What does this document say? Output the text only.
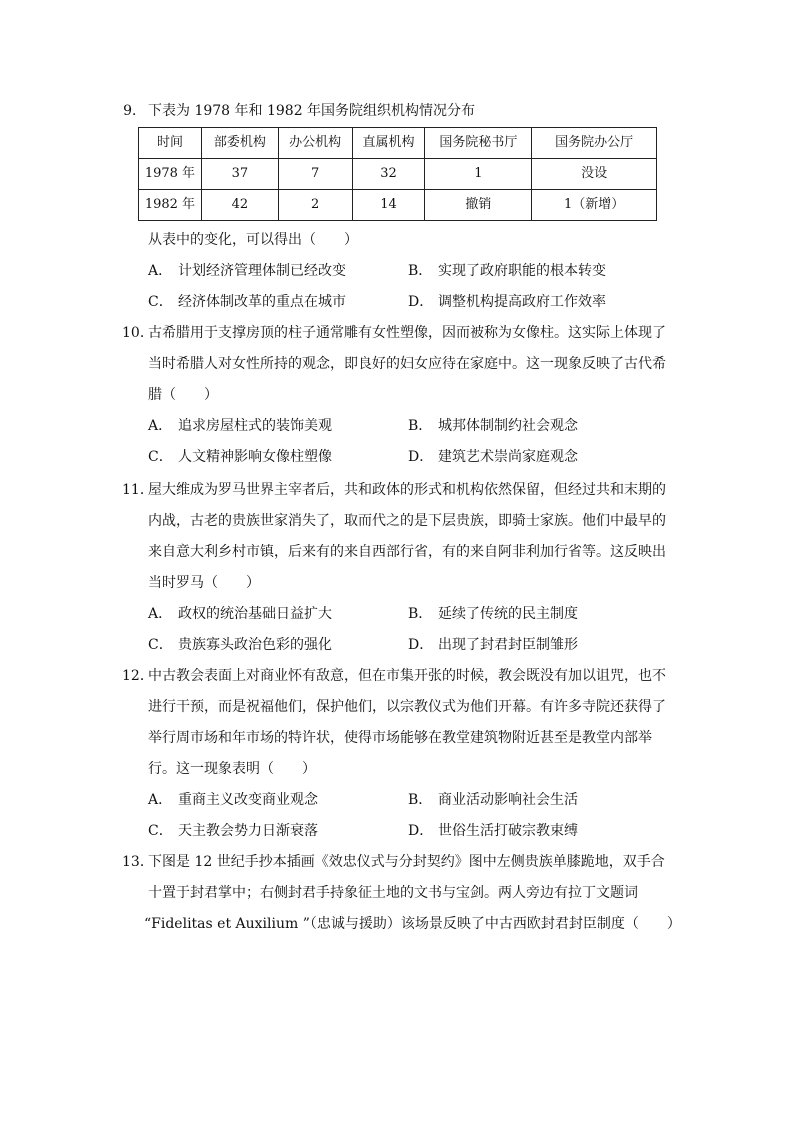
9． 下表为 1978 年和 1982 年国务院组织机构情况分布
时间	部委机构	办公机构	直属机构	国务院秘书厅	国务院办公厅
1978 年	37	7	32	1	没设
1982 年	42	2	14	撤销	1（新增）
从表中的变化，可以得出（　　）
A． 计划经济管理体制已经改变	B． 实现了政府职能的根本转变
C． 经济体制改革的重点在城市	D． 调整机构提高政府工作效率
10．
古希腊用于支撑房顶的柱子通常雕有女性塑像，因而被称为女像柱。这实际上体现了
当时希腊人对女性所持的观念，即良好的妇女应待在家庭中。这一现象反映了古代希
腊（　　）
A． 追求房屋柱式的装饰美观	B． 城邦体制制约社会观念
C． 人文精神影响女像柱塑像	D． 建筑艺术崇尚家庭观念
11．
屋大维成为罗马世界主宰者后，共和政体的形式和机构依然保留，但经过共和末期的
内战，古老的贵族世家消失了，取而代之的是下层贵族，即骑士家族。他们中最早的
来自意大利乡村市镇，后来有的来自西部行省，有的来自阿非利加行省等。这反映出
当时罗马（　　）
A． 政权的统治基础日益扩大	B． 延续了传统的民主制度
C． 贵族寡头政治色彩的强化	D． 出现了封君封臣制雏形
12．
中古教会表面上对商业怀有敌意，但在市集开张的时候，教会既没有加以诅咒，也不
进行干预，而是祝福他们，保护他们，以宗教仪式为他们开幕。有许多寺院还获得了
举行周市场和年市场的特许状，使得市场能够在教堂建筑物附近甚至是教堂内部举
行。这一现象表明（　　）
A． 重商主义改变商业观念	B． 商业活动影响社会生活
C． 天主教会势力日渐衰落	D． 世俗生活打破宗教束缚
13．
下图是 12 世纪手抄本插画《效忠仪式与分封契约》图中左侧贵族单膝跪地，双手合
十置于封君掌中；右侧封君手持象征土地的文书与宝剑。两人旁边有拉丁文题词
“Fidelitas et Auxilium ”（忠诚与援助）该场景反映了中古西欧封君封臣制度（　　）
